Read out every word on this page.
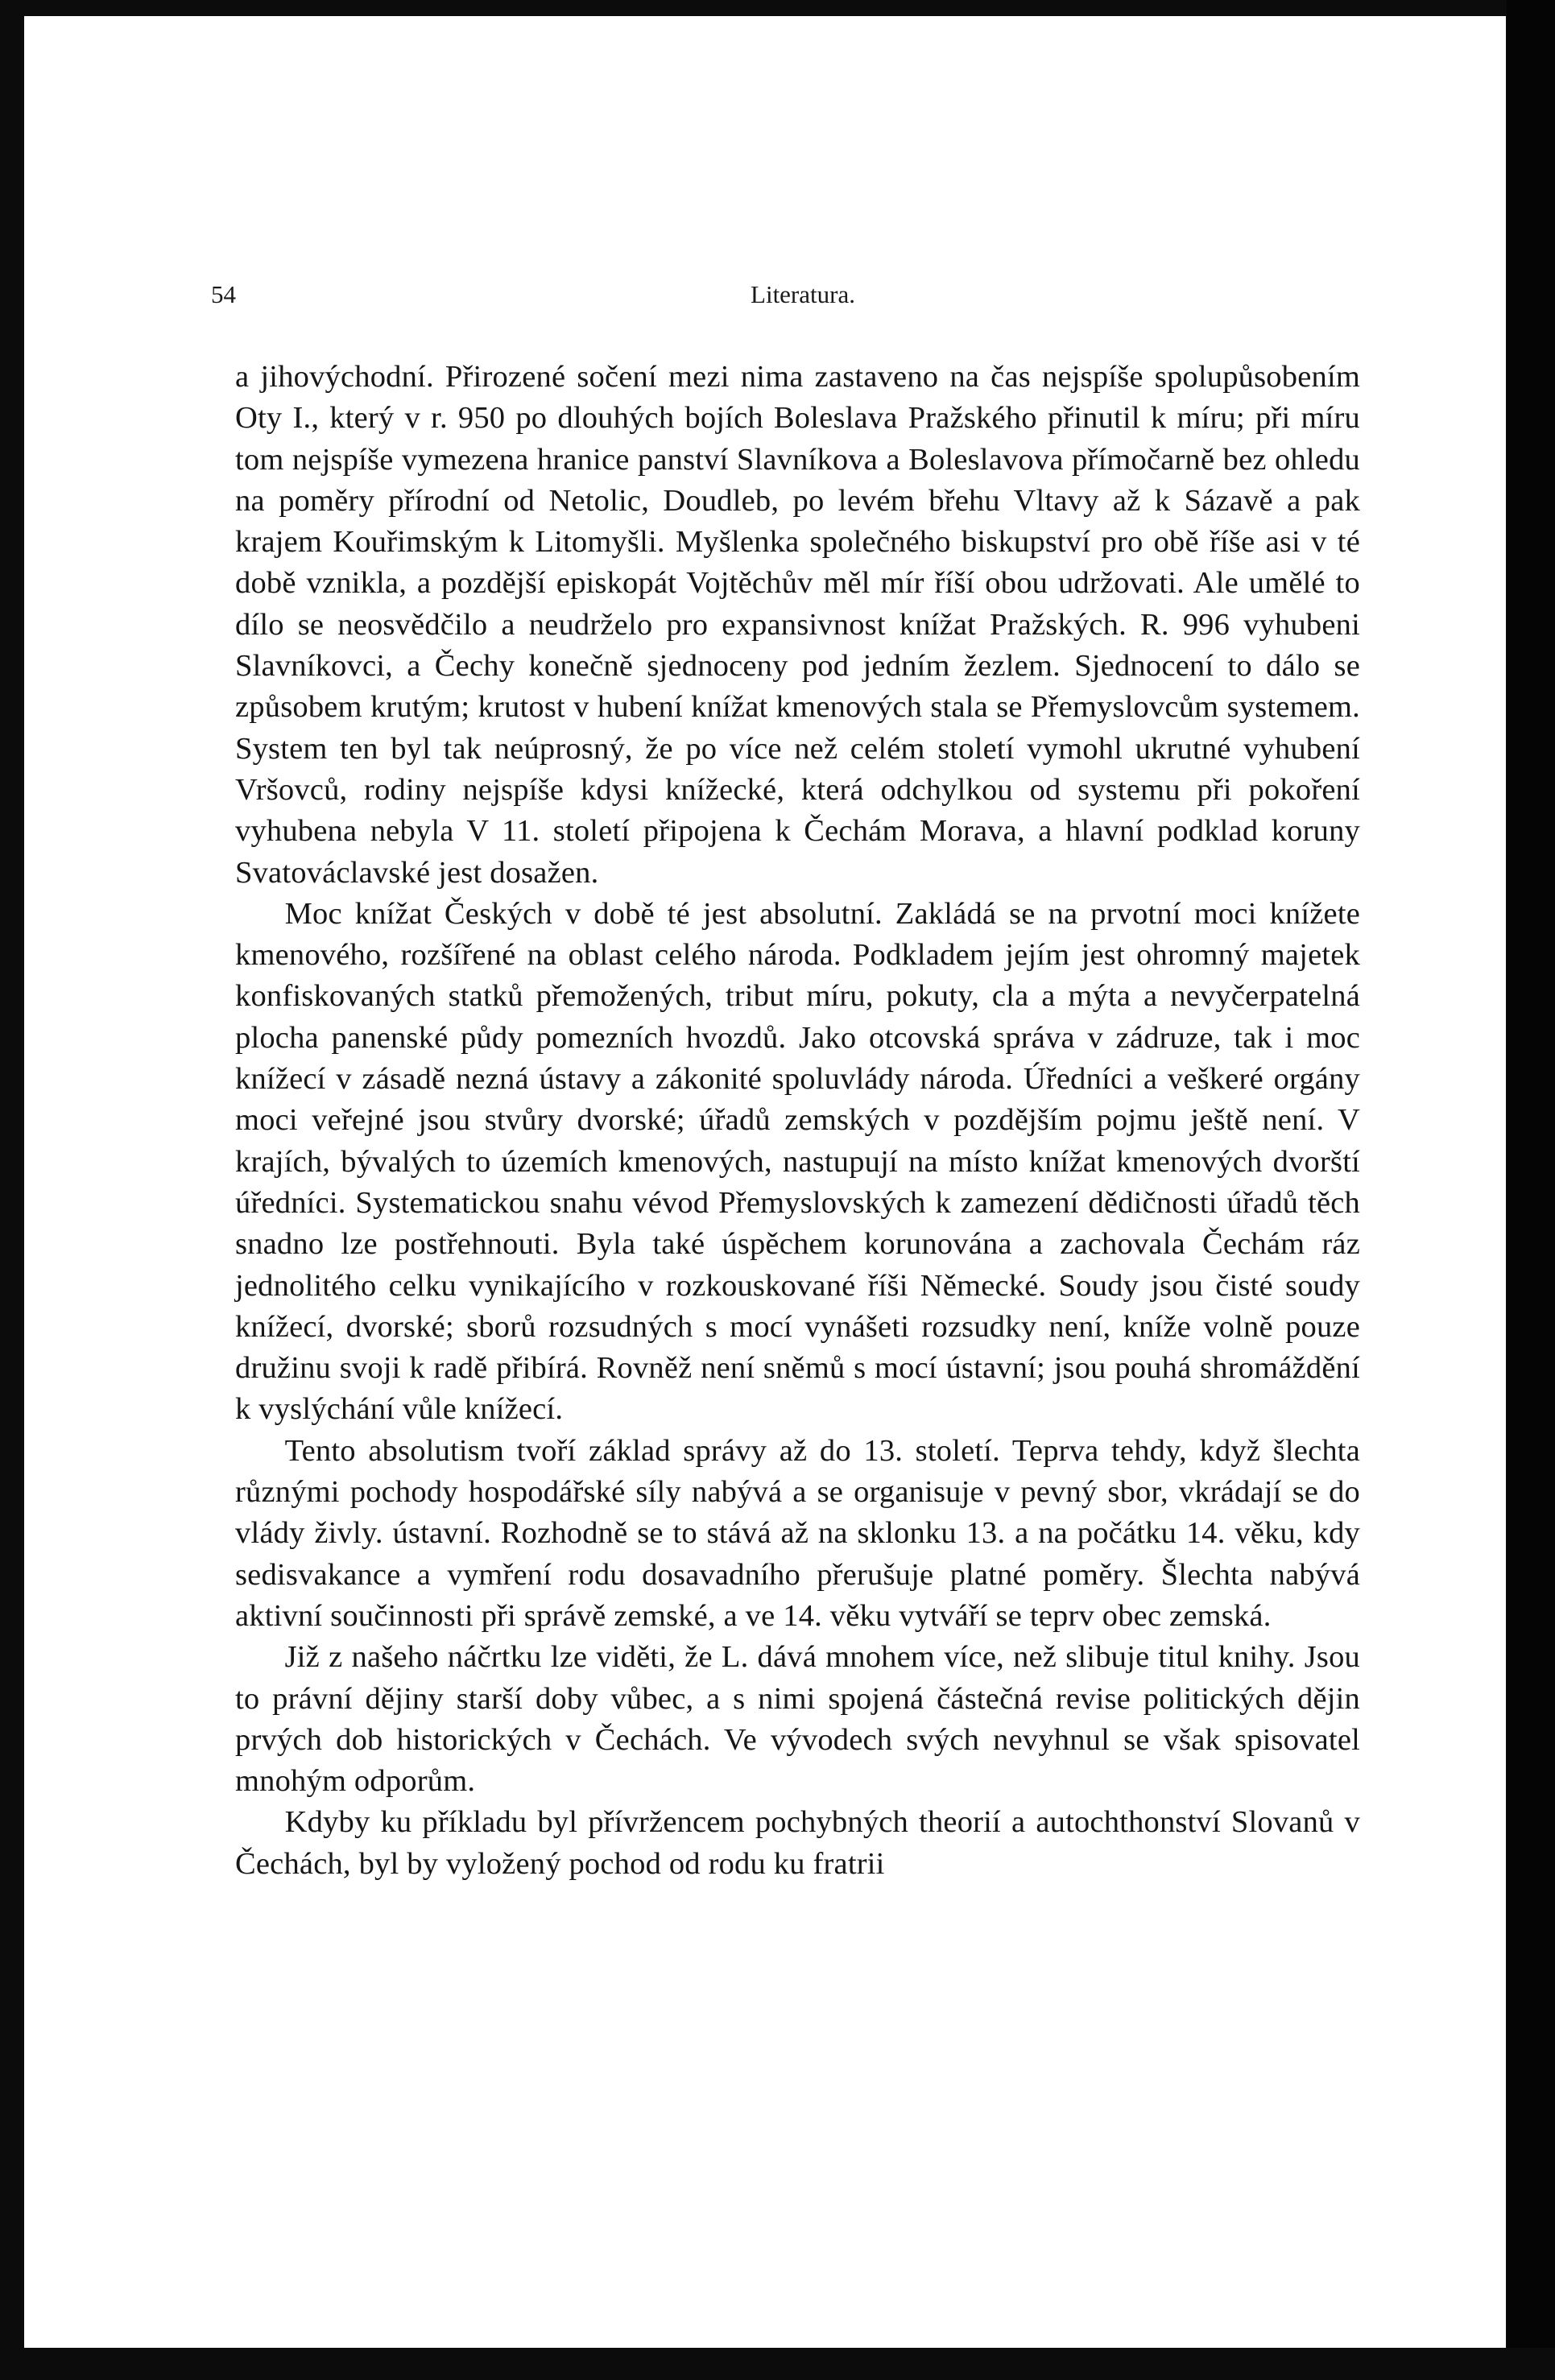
54	Literatura.

a jihovýchodní. Přirozené sočení mezi nima zastaveno na čas nejspíše spolupůsobením Oty I., který v r. 950 po dlouhých bojích Boleslava Pražského přinutil k míru; při míru tom nejspíše vymezena hranice panství Slavníkova a Boleslavova přímočarně bez ohledu na poměry přírodní od Netolic, Doudleb, po levém břehu Vltavy až k Sázavě a pak krajem Kouřimským k Litomyšli. Myšlenka společného biskupství pro obě říše asi v té době vznikla, a pozdější episkopát Vojtěchův měl mír říší obou udržovati. Ale umělé to dílo se neosvědčilo a neudrželo pro expansivnost knížat Pražských. R. 996 vyhubeni Slavníkovci, a Čechy konečně sjednoceny pod jedním žezlem. Sjednocení to dálo se způsobem krutým; krutost v hubení knížat kmenových stala se Přemyslovcům systemem. System ten byl tak neúprosný, že po více než celém století vymohl ukrutné vyhubení Vršovců, rodiny nejspíše kdysi knížecké, která odchylkou od systemu při pokoření vyhubena nebyla V 11. století připojena k Čechám Morava, a hlavní podklad koruny Svatováclavské jest dosažen.

Moc knížat Českých v době té jest absolutní. Zakládá se na prvotní moci knížete kmenového, rozšířené na oblast celého národa. Podkladem jejím jest ohromný majetek konfiskovaných statků přemožených, tribut míru, pokuty, cla a mýta a nevyčerpatelná plocha panenské půdy pomezních hvozdů. Jako otcovská správa v zádruze, tak i moc knížecí v zásadě nezná ústavy a zákonité spoluvlády národa. Úředníci a veškeré orgány moci veřejné jsou stvůry dvorské; úřadů zemských v pozdějším pojmu ještě není. V krajích, bývalých to územích kmenových, nastupují na místo knížat kmenových dvorští úředníci. Systematickou snahu vévod Přemyslovských k zamezení dědičnosti úřadů těch snadno lze postřehnouti. Byla také úspěchem korunována a zachovala Čechám ráz jednolitého celku vynikajícího v rozkouskované říši Německé. Soudy jsou čisté soudy knížecí, dvorské; sborů rozsudných s mocí vynášeti rozsudky není, kníže volně pouze družinu svoji k radě přibírá. Rovněž není sněmů s mocí ústavní; jsou pouhá shromáždění k vyslýchání vůle knížecí.

Tento absolutism tvoří základ správy až do 13. století. Teprva tehdy, když šlechta různými pochody hospodářské síly nabývá a se organisuje v pevný sbor, vkrádají se do vlády živly. ústavní. Rozhodně se to stává až na sklonku 13. a na počátku 14. věku, kdy sedisvakance a vymření rodu dosavadního přerušuje platné poměry. Šlechta nabývá aktivní součinnosti při správě zemské, a ve 14. věku vytváří se teprv obec zemská.

Již z našeho náčrtku lze viděti, že L. dává mnohem více, než slibuje titul knihy. Jsou to právní dějiny starší doby vůbec, a s nimi spojená částečná revise politických dějin prvých dob historických v Čechách. Ve vývodech svých nevyhnul se však spisovatel mnohým odporům.

Kdyby ku příkladu byl přívržencem pochybných theorií a autochthonství Slovanů v Čechách, byl by vyložený pochod od rodu ku fratrii
